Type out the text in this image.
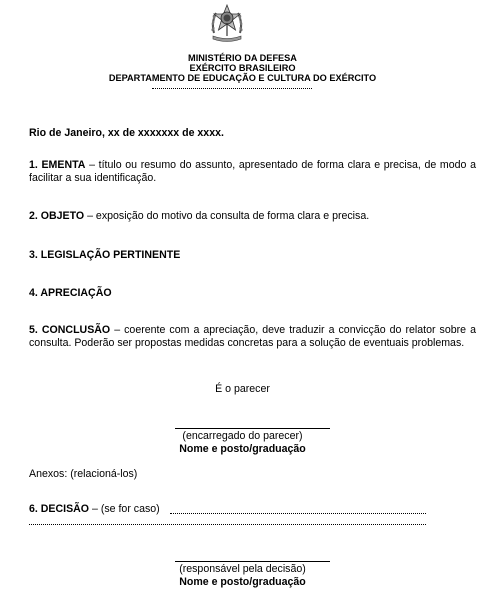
MINISTÉRIO DA DEFESA
EXÉRCITO BRASILEIRO
DEPARTAMENTO DE EDUCAÇÃO E CULTURA DO EXÉRCITO
Rio de Janeiro, xx de xxxxxxx de xxxx.
1. EMENTA – título ou resumo do assunto, apresentado de forma clara e precisa, de modo a facilitar a sua identificação.
2. OBJETO – exposição do motivo da consulta de forma clara e precisa.
3. LEGISLAÇÃO PERTINENTE
4. APRECIAÇÃO
5. CONCLUSÃO – coerente com a apreciação, deve traduzir a convicção do relator sobre a consulta. Poderão ser propostas medidas concretas para a solução de eventuais problemas.
É o parecer
(encarregado do parecer)
Nome e posto/graduação
Anexos: (relacioná-los)
6. DECISÃO – (se for caso)
(responsável pela decisão)
Nome e posto/graduação
